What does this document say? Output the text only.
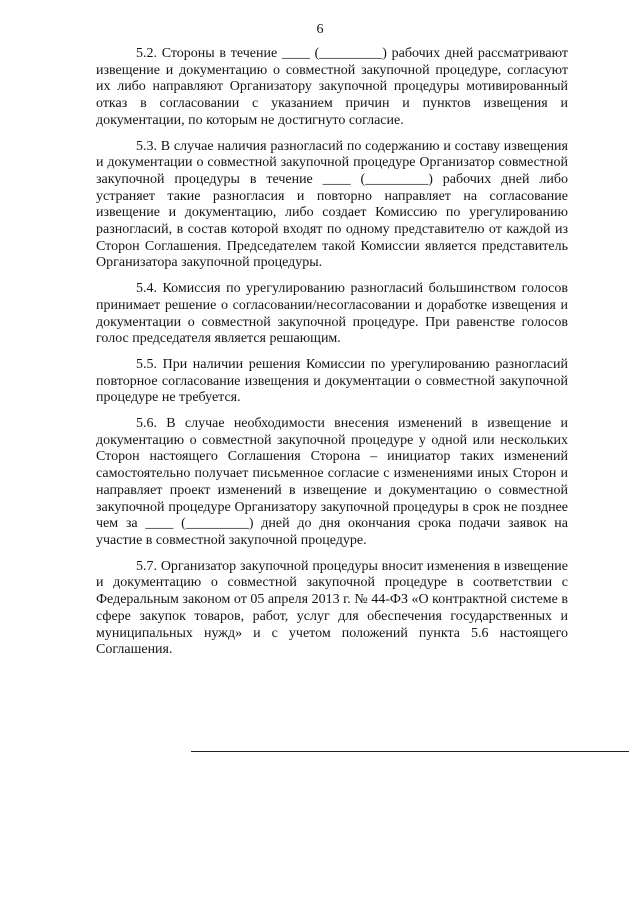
6

5.2. Стороны в течение ____ (_________) рабочих дней рассматривают извещение и документацию о совместной закупочной процедуре, согласуют их либо направляют Организатору закупочной процедуры мотивированный отказ в согласовании с указанием причин и пунктов извещения и документации, по которым не достигнуто согласие.

5.3. В случае наличия разногласий по содержанию и составу извещения и документации о совместной закупочной процедуре Организатор совместной закупочной процедуры в течение ____ (_________) рабочих дней либо устраняет такие разногласия и повторно направляет на согласование извещение и документацию, либо создает Комиссию по урегулированию разногласий, в состав которой входят по одному представителю от каждой из Сторон Соглашения. Председателем такой Комиссии является представитель Организатора закупочной процедуры.

5.4. Комиссия по урегулированию разногласий большинством голосов принимает решение о согласовании/несогласовании и доработке извещения и документации о совместной закупочной процедуре. При равенстве голосов голос председателя является решающим.

5.5. При наличии решения Комиссии по урегулированию разногласий повторное согласование извещения и документации о совместной закупочной процедуре не требуется.

5.6. В случае необходимости внесения изменений в извещение и документацию о совместной закупочной процедуре у одной или нескольких Сторон настоящего Соглашения Сторона – инициатор таких изменений самостоятельно получает письменное согласие с изменениями иных Сторон и направляет проект изменений в извещение и документацию о совместной закупочной процедуре Организатору закупочной процедуры в срок не позднее чем за ____ (_________) дней до дня окончания срока подачи заявок на участие в совместной закупочной процедуре.

5.7. Организатор закупочной процедуры вносит изменения в извещение и документацию о совместной закупочной процедуре в соответствии с Федеральным законом от 05 апреля 2013 г. № 44-ФЗ «О контрактной системе в сфере закупок товаров, работ, услуг для обеспечения государственных и муниципальных нужд» и с учетом положений пункта 5.6 настоящего Соглашения.
